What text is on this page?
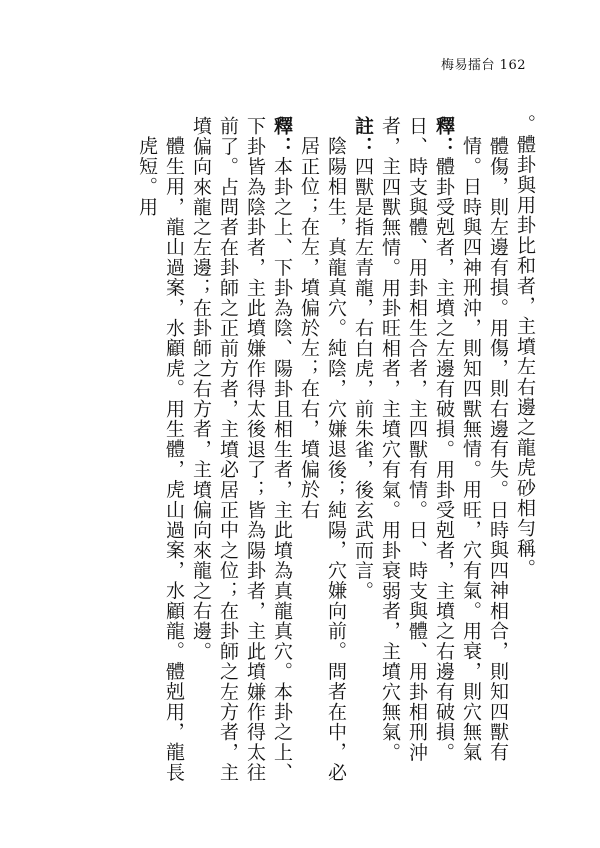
梅易擂台 162

。體卦與用卦比和者，主墳左右邊之龍虎砂相勻稱。

體傷，則左邊有損。用傷，則右邊有失。日時與四神相合，則知四獸有情。日時與四神刑沖，則知四獸無情。用旺，穴有氣。用衰，則穴無氣

釋：體卦受剋者，主墳之左邊有破損。用卦受剋者，主墳之右邊有破損。日、時支與體、用卦相生合者，主四獸有情。日、時支與體、用卦相刑沖者，主四獸無情。用卦旺相者，主墳穴有氣。用卦衰弱者，主墳穴無氣。註：四獸是指左青龍，右白虎，前朱雀，後玄武而言。

陰陽相生，真龍真穴。純陰，穴嫌退後；純陽，穴嫌向前。問者在中，必居正位；在左，墳偏於左；在右，墳偏於右

釋：本卦之上、下卦為陰、陽卦且相生者，主此墳為真龍真穴。本卦之上、下卦皆為陰卦者，主此墳嫌作得太後退了；皆為陽卦者，主此墳嫌作得太往前了。占問者在卦師之正前方者，主墳必居正中之位；在卦師之左方者，主墳偏向來龍之左邊；在卦師之右方者，主墳偏向來龍之右邊。

體生用，龍山過案，水顧虎。用生體，虎山過案，水顧龍。體剋用，龍長虎短。用
